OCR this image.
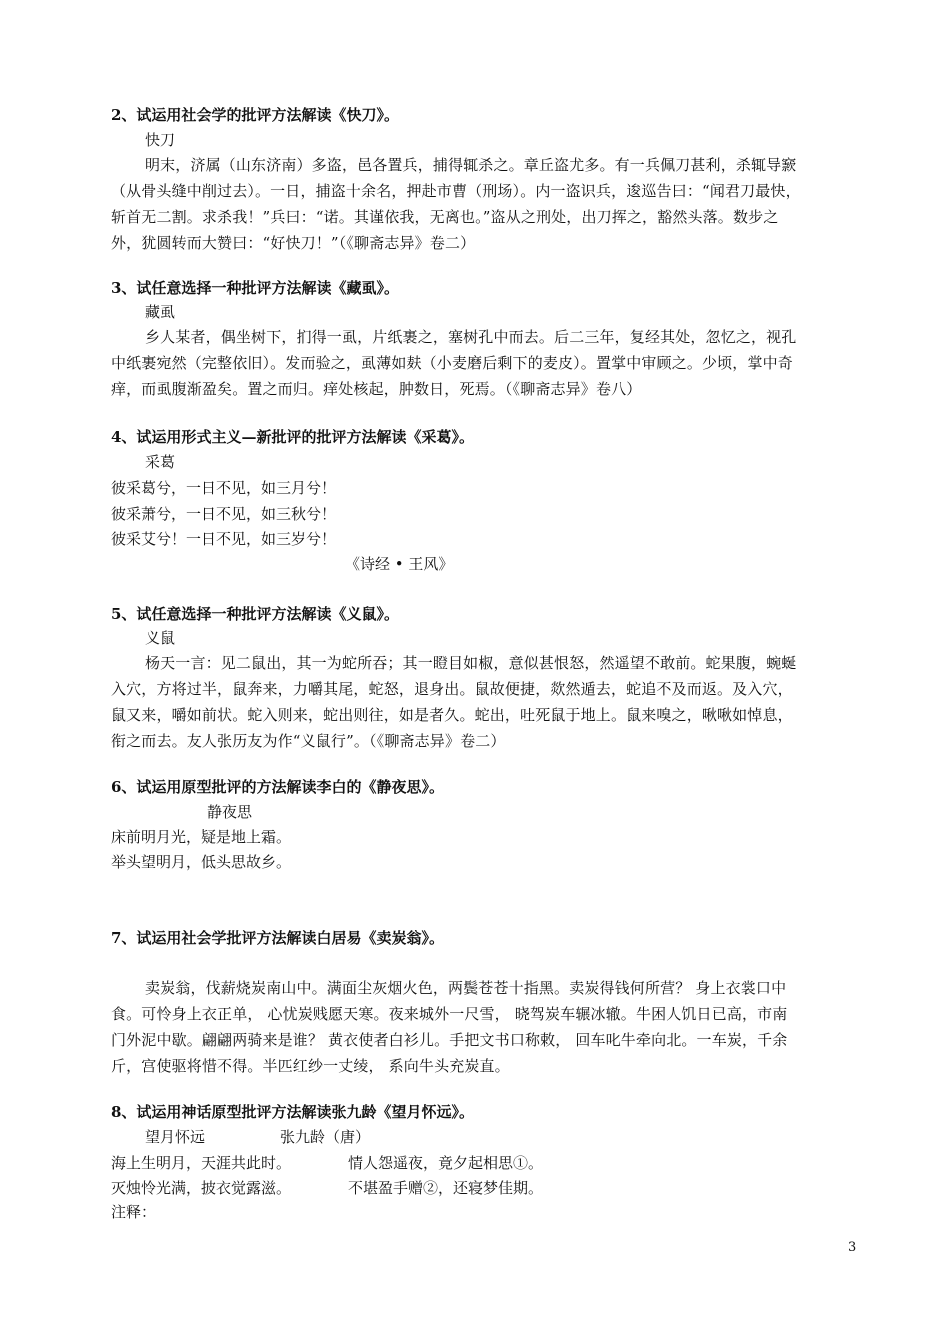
2、试运用社会学的批评方法解读《快刀》。
快刀
明末，济属（山东济南）多盗，邑各置兵，捕得辄杀之。章丘盗尤多。有一兵佩刀甚利，杀辄导窾
（从骨头缝中削过去）。一日，捕盗十余名，押赴市曹（刑场）。内一盗识兵，逡巡告曰：“闻君刀最快，
斩首无二割。求杀我！”兵曰：“诺。其谨依我，无离也。”盗从之刑处，出刀挥之，豁然头落。数步之
外，犹圆转而大赞曰：“好快刀！”（《聊斋志异》卷二）
3、试任意选择一种批评方法解读《藏虱》。
藏虱
乡人某者，偶坐树下，扪得一虱，片纸裹之，塞树孔中而去。后二三年，复经其处，忽忆之，视孔
中纸裹宛然（完整依旧）。发而验之，虱薄如麸（小麦磨后剩下的麦皮）。置掌中审顾之。少顷，掌中奇
痒，而虱腹渐盈矣。置之而归。痒处核起，肿数日，死焉。（《聊斋志异》卷八）
4、试运用形式主义—新批评的批评方法解读《采葛》。
采葛
彼采葛兮，一日不见，如三月兮！
彼采萧兮，一日不见，如三秋兮！
彼采艾兮！一日不见，如三岁兮！
《诗经 • 王风》
5、试任意选择一种批评方法解读《义鼠》。
义鼠
杨天一言：见二鼠出，其一为蛇所吞；其一瞪目如椒，意似甚恨怒，然遥望不敢前。蛇果腹，蜿蜒
入穴，方将过半，鼠奔来，力嚼其尾，蛇怒，退身出。鼠故便捷，欻然遁去，蛇追不及而返。及入穴，
鼠又来，嚼如前状。蛇入则来，蛇出则往，如是者久。蛇出，吐死鼠于地上。鼠来嗅之，啾啾如悼息，
衔之而去。友人张历友为作“义鼠行”。（《聊斋志异》卷二）
6、试运用原型批评的方法解读李白的《静夜思》。
静夜思
床前明月光，疑是地上霜。
举头望明月，低头思故乡。
7、试运用社会学批评方法解读白居易《卖炭翁》。
卖炭翁，伐薪烧炭南山中。满面尘灰烟火色，两鬓苍苍十指黑。卖炭得钱何所营？ 身上衣裳口中
食。可怜身上衣正单， 心忧炭贱愿天寒。夜来城外一尺雪， 晓驾炭车辗冰辙。牛困人饥日已高，市南
门外泥中歇。翩翩两骑来是谁？ 黄衣使者白衫儿。手把文书口称敕， 回车叱牛牵向北。一车炭，千余
斤，宫使驱将惜不得。半匹红纱一丈绫， 系向牛头充炭直。
8、试运用神话原型批评方法解读张九龄《望月怀远》。
望月怀远	张九龄（唐）
海上生明月，天涯共此时。	情人怨遥夜，竟夕起相思①。
灭烛怜光满，披衣觉露滋。	不堪盈手赠②，还寝梦佳期。
注释：
3
